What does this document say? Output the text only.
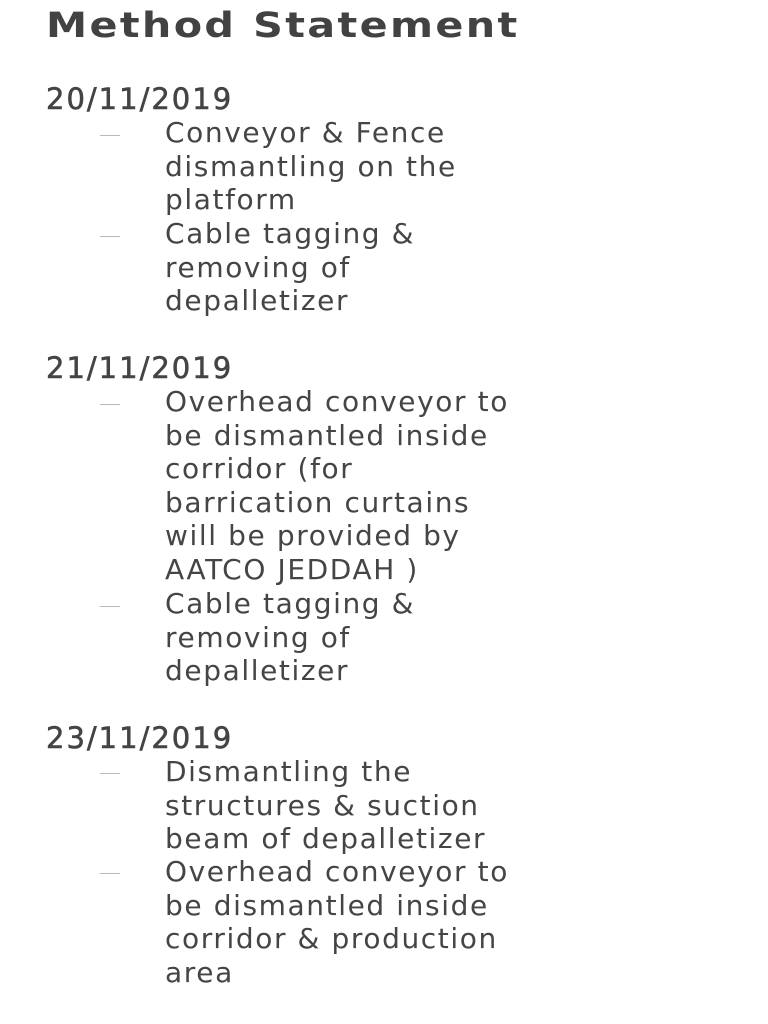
Method Statement
20/11/2019
Conveyor & Fence
dismantling on the
platform
Cable tagging &
removing of
depalletizer
21/11/2019
Overhead conveyor to
be dismantled inside
corridor (for
barrication curtains
will be provided by
AATCO JEDDAH )
Cable tagging &
removing of
depalletizer
23/11/2019
Dismantling the
structures & suction
beam of depalletizer
Overhead conveyor to
be dismantled inside
corridor & production
area
